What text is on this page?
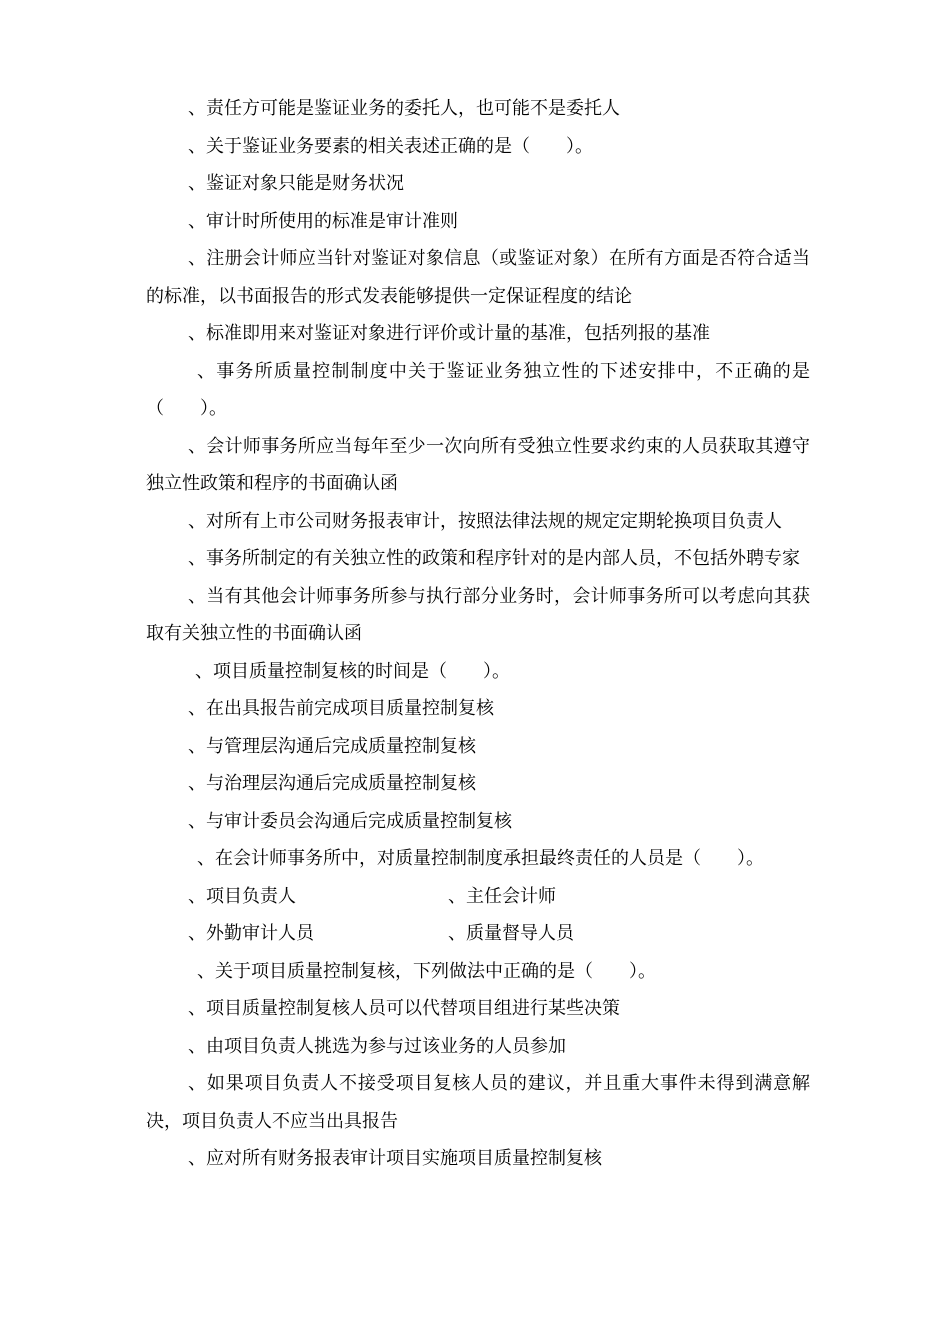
、责任方可能是鉴证业务的委托人，也可能不是委托人

、关于鉴证业务要素的相关表述正确的是（　　）。

、鉴证对象只能是财务状况

、审计时所使用的标准是审计准则

、注册会计师应当针对鉴证对象信息（或鉴证对象）在所有方面是否符合适当的标准，以书面报告的形式发表能够提供一定保证程度的结论

、标准即用来对鉴证对象进行评价或计量的基准，包括列报的基准

、事务所质量控制制度中关于鉴证业务独立性的下述安排中，不正确的是（　　）。

、会计师事务所应当每年至少一次向所有受独立性要求约束的人员获取其遵守独立性政策和程序的书面确认函

、对所有上市公司财务报表审计，按照法律法规的规定定期轮换项目负责人

、事务所制定的有关独立性的政策和程序针对的是内部人员，不包括外聘专家

、当有其他会计师事务所参与执行部分业务时，会计师事务所可以考虑向其获取有关独立性的书面确认函

、项目质量控制复核的时间是（　　）。

、在出具报告前完成项目质量控制复核

、与管理层沟通后完成质量控制复核

、与治理层沟通后完成质量控制复核

、与审计委员会沟通后完成质量控制复核

、在会计师事务所中，对质量控制制度承担最终责任的人员是（　　）。

、项目负责人	、主任会计师
、外勤审计人员	、质量督导人员

、关于项目质量控制复核，下列做法中正确的是（　　）。

、项目质量控制复核人员可以代替项目组进行某些决策

、由项目负责人挑选为参与过该业务的人员参加

、如果项目负责人不接受项目复核人员的建议，并且重大事件未得到满意解决，项目负责人不应当出具报告

、应对所有财务报表审计项目实施项目质量控制复核
